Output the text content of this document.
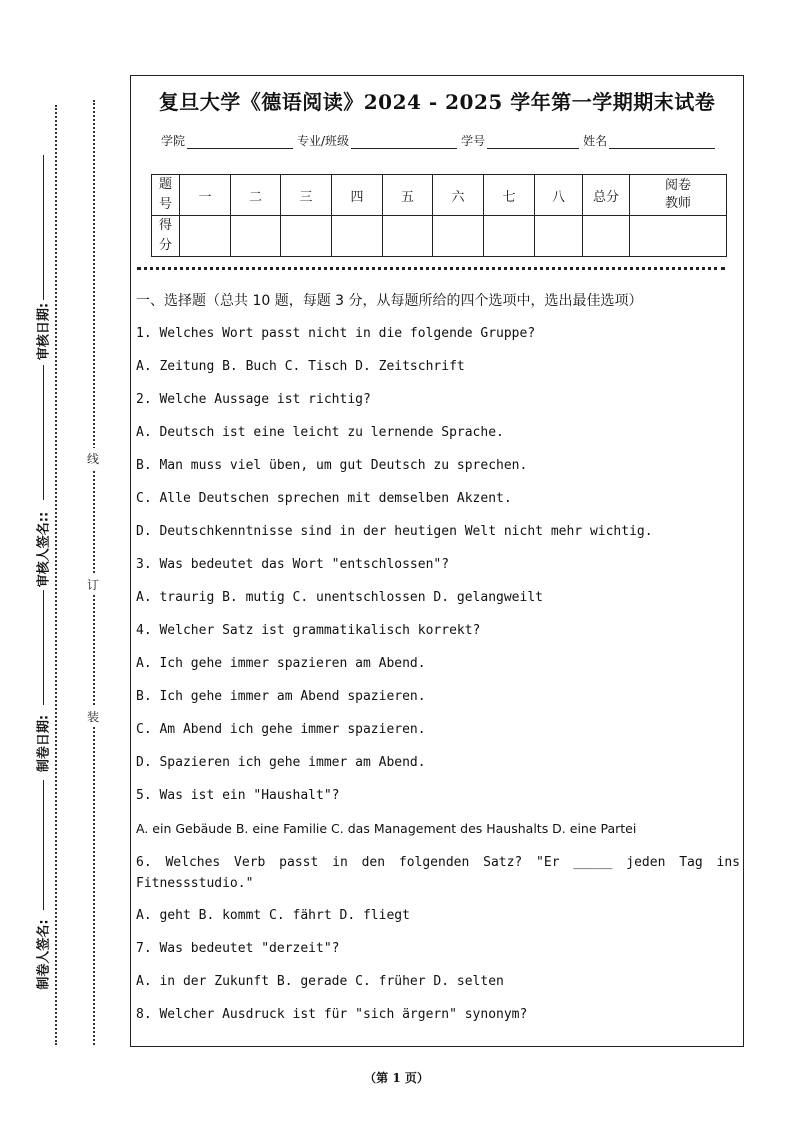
审核日期:
审核人签名::
制卷日期:
制卷人签名:
线
订
装
复旦大学《德语阅读》2024 - 2025 学年第一学期期末试卷
学院	专业/班级	学号	姓名
题
号	一	二	三	四	五	六	七	八	总分	阅卷
教师
得
分										
一、选择题（总共 10 题，每题 3 分，从每题所给的四个选项中，选出最佳选项）
1. Welches Wort passt nicht in die folgende Gruppe?
A. Zeitung B. Buch C. Tisch D. Zeitschrift
2. Welche Aussage ist richtig?
A. Deutsch ist eine leicht zu lernende Sprache.
B. Man muss viel üben, um gut Deutsch zu sprechen.
C. Alle Deutschen sprechen mit demselben Akzent.
D. Deutschkenntnisse sind in der heutigen Welt nicht mehr wichtig.
3. Was bedeutet das Wort "entschlossen"?
A. traurig B. mutig C. unentschlossen D. gelangweilt
4. Welcher Satz ist grammatikalisch korrekt?
A. Ich gehe immer spazieren am Abend.
B. Ich gehe immer am Abend spazieren.
C. Am Abend ich gehe immer spazieren.
D. Spazieren ich gehe immer am Abend.
5. Was ist ein "Haushalt"?
A. ein Gebäude B. eine Familie C. das Management des Haushalts D. eine Partei
6. Welches Verb passt in den folgenden Satz? "Er _____ jeden Tag ins Fitnessstudio."
A. geht B. kommt C. fährt D. fliegt
7. Was bedeutet "derzeit"?
A. in der Zukunft B. gerade C. früher D. selten
8. Welcher Ausdruck ist für "sich ärgern" synonym?
（第 1 页）
